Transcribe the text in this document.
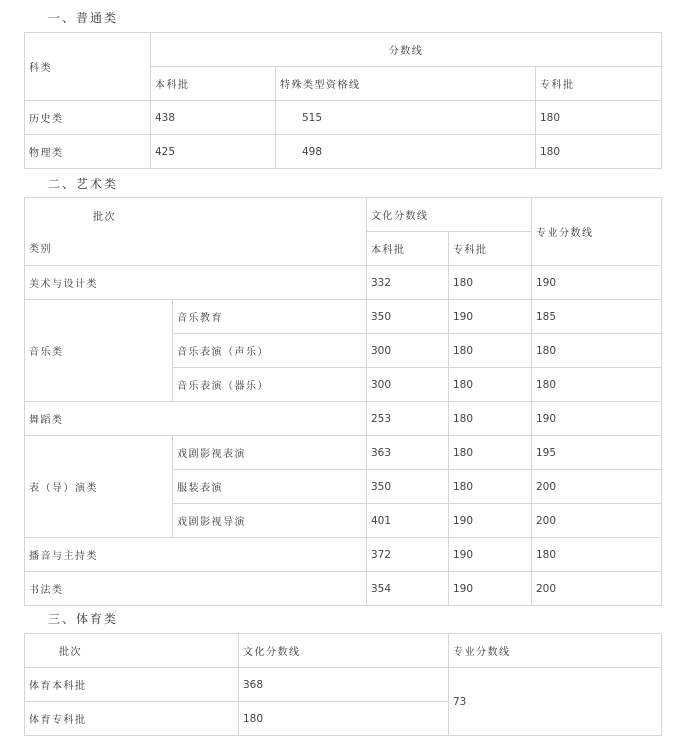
一、普通类
科类	分数线		
	本科批	特殊类型资格线	专科批
历史类	438	515	180
物理类	425	498	180
二、艺术类
批次
类别		文化分数线		专业分数线
		本科批	专科批	
美术与设计类		332	180	190
音乐类	音乐教育	350	190	185
	音乐表演（声乐）	300	180	180
	音乐表演（器乐）	300	180	180
舞蹈类		253	180	190
表（导）演类	戏剧影视表演	363	180	195
	服装表演	350	180	200
	戏剧影视导演	401	190	200
播音与主持类		372	190	180
书法类		354	190	200
三、体育类
批次	文化分数线	专业分数线
体育本科批	368	73
体育专科批	180	
